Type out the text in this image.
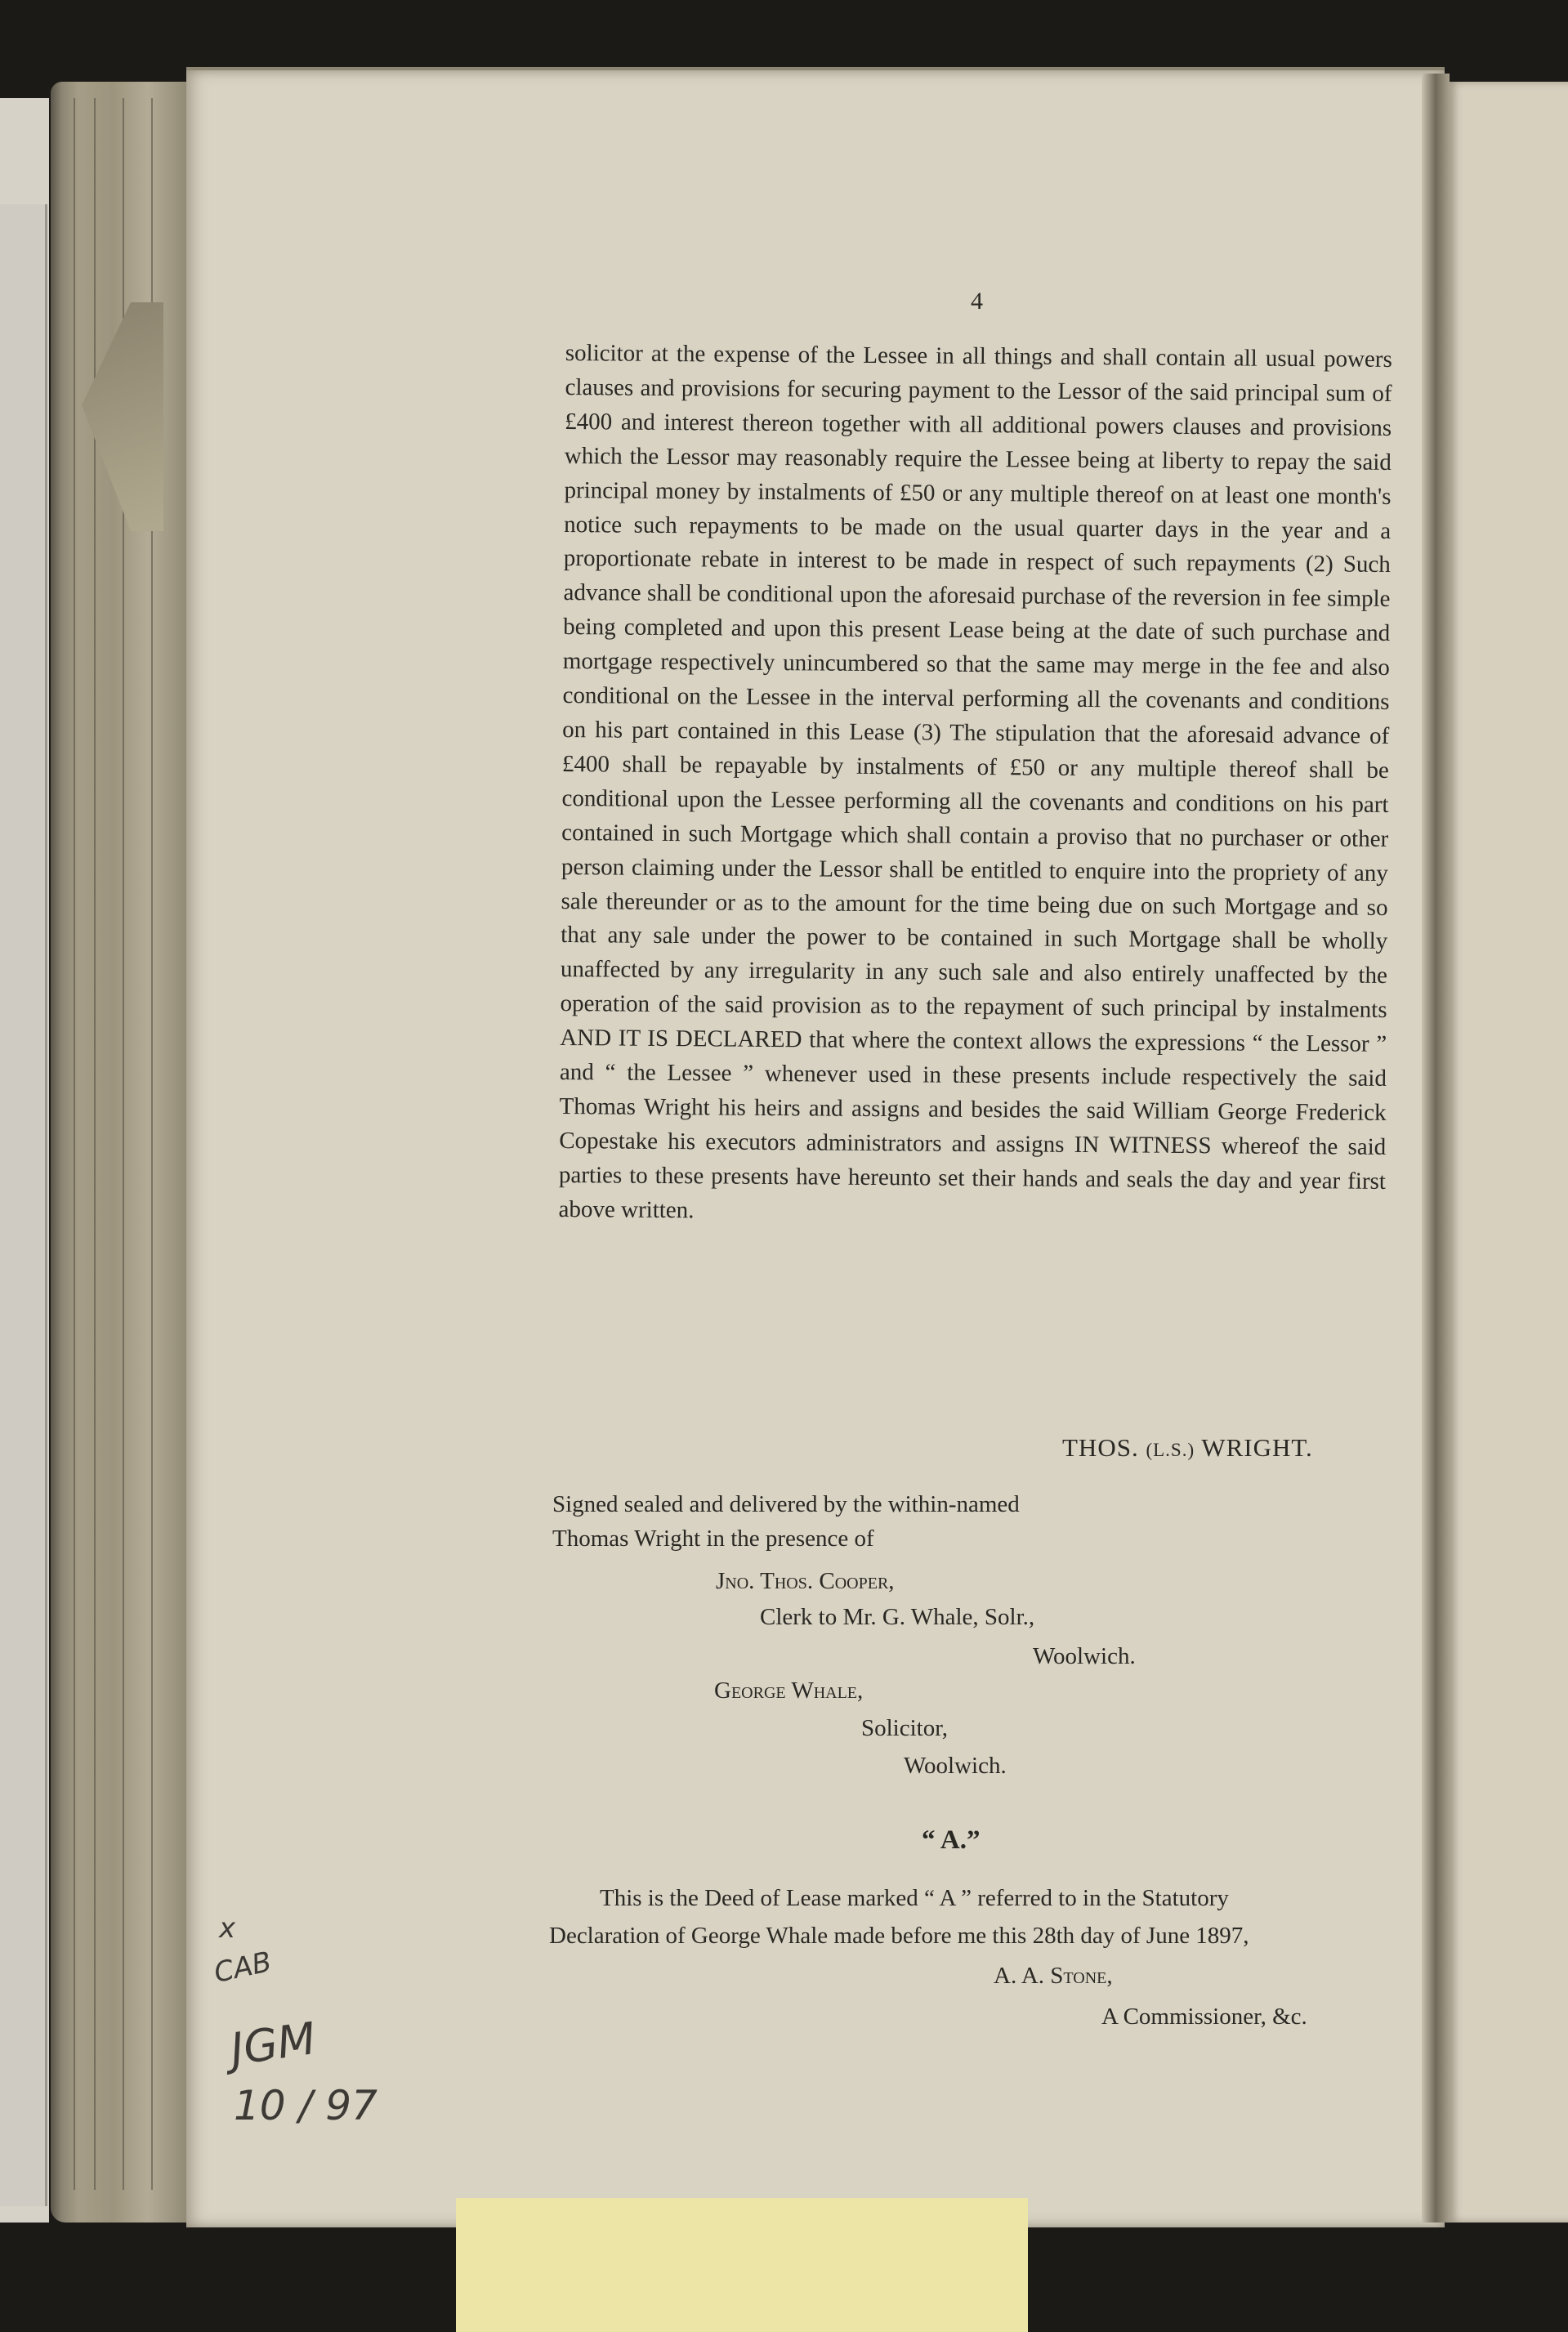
4
solicitor at the expense of the Lessee in all things and shall contain all usual powers clauses and provisions for securing payment to the Lessor of the said principal sum of £400 and interest thereon together with all additional powers clauses and provisions which the Lessor may reasonably require the Lessee being at liberty to repay the said principal money by instalments of £50 or any multiple thereof on at least one month's notice such repayments to be made on the usual quarter days in the year and a proportionate rebate in interest to be made in respect of such repayments (2) Such advance shall be conditional upon the aforesaid purchase of the reversion in fee simple being completed and upon this present Lease being at the date of such purchase and mortgage respectively unincumbered so that the same may merge in the fee and also conditional on the Lessee in the interval performing all the covenants and conditions on his part contained in this Lease (3) The stipulation that the aforesaid advance of £400 shall be repayable by instalments of £50 or any multiple thereof shall be conditional upon the Lessee performing all the covenants and conditions on his part contained in such Mortgage which shall contain a proviso that no purchaser or other person claiming under the Lessor shall be entitled to enquire into the propriety of any sale thereunder or as to the amount for the time being due on such Mortgage and so that any sale under the power to be contained in such Mortgage shall be wholly unaffected by any irregularity in any such sale and also entirely unaffected by the operation of the said provision as to the repayment of such principal by instalments AND IT IS DECLARED that where the context allows the expressions “ the Lessor ” and “ the Lessee ” whenever used in these presents include respectively the said Thomas Wright his heirs and assigns and besides the said William George Frederick Copestake his executors administrators and assigns IN WITNESS whereof the said parties to these presents have hereunto set their hands and seals the day and year first above written.
THOS. (L.S.) WRIGHT.
Signed sealed and delivered by the within-named
Thomas Wright in the presence of
Jno. Thos. Cooper,
Clerk to Mr. G. Whale, Solr.,
Woolwich.
George Whale,
Solicitor,
Woolwich.
“ A.”
This is the Deed of Lease marked “ A ” referred to in the Statutory
Declaration of George Whale made before me this 28th day of June 1897,
A. A. Stone,
A Commissioner, &c.
x
CAB
JGM
10 / 97
